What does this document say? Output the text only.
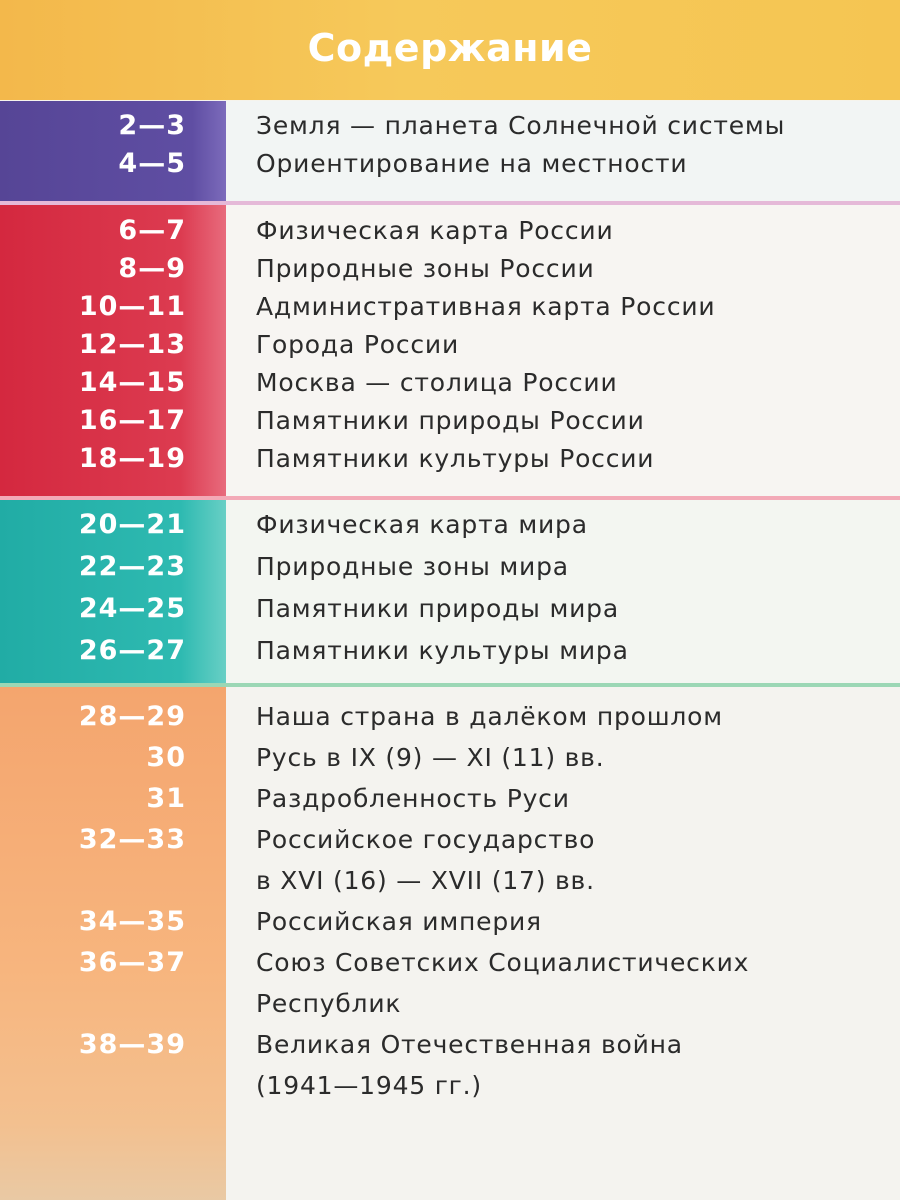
Содержание
2—3	Земля — планета Солнечной системы
4—5	Ориентирование на местности
6—7	Физическая карта России
8—9	Природные зоны России
10—11	Административная карта России
12—13	Города России
14—15	Москва — столица России
16—17	Памятники природы России
18—19	Памятники культуры России
20—21	Физическая карта мира
22—23	Природные зоны мира
24—25	Памятники природы мира
26—27	Памятники культуры мира
28—29	Наша страна в далёком прошлом
30	Русь в IX (9) — XI (11) вв.
31	Раздробленность Руси
32—33	Российское государство
в XVI (16) — XVII (17) вв.
34—35	Российская империя
36—37	Союз Советских Социалистических
Республик
38—39	Великая Отечественная война
(1941—1945 гг.)
